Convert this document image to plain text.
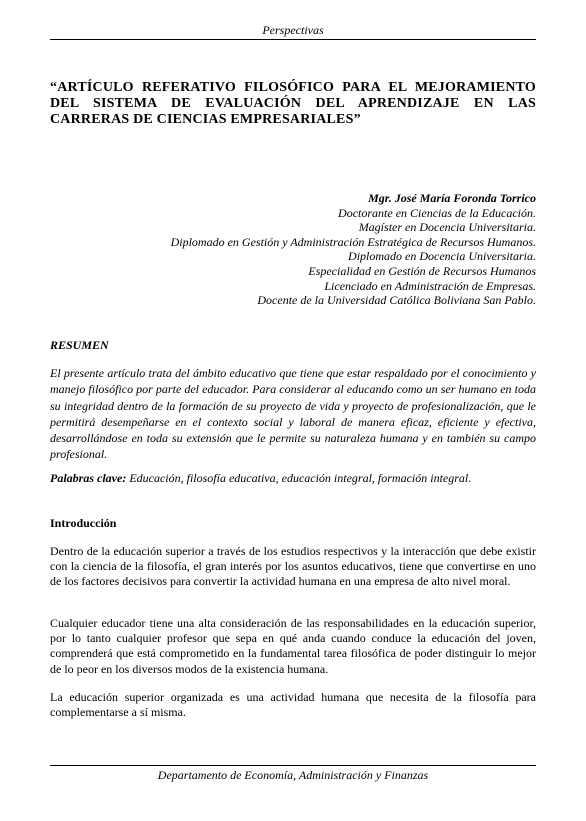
Perspectivas
“ARTÍCULO REFERATIVO FILOSÓFICO PARA EL MEJORAMIENTO DEL SISTEMA DE EVALUACIÓN DEL APRENDIZAJE EN LAS CARRERAS DE CIENCIAS EMPRESARIALES”
Mgr. José María Foronda Torrico
Doctorante en Ciencias de la Educación.
Magíster en Docencia Universitaria.
Diplomado en Gestión y Administración Estratégica de Recursos Humanos.
Diplomado en Docencia Universitaria.
Especialidad en Gestión de Recursos Humanos
Licenciado en Administración de Empresas.
Docente de la Universidad Católica Boliviana San Pablo.
RESUMEN
El presente artículo trata del ámbito educativo que tiene que estar respaldado por el conocimiento y manejo filosófico por parte del educador. Para considerar al educando como un ser humano en toda su integridad dentro de la formación de su proyecto de vida y proyecto de profesionalización, que le permitirá desempeñarse en el contexto social y laboral de manera eficaz, eficiente y efectiva, desarrollándose en toda su extensión que le permite su naturaleza humana y en también su campo profesional.
Palabras clave: Educación, filosofía educativa, educación integral, formación integral.
Introducción
Dentro de la educación superior a través de los estudios respectivos y la interacción que debe existir con la ciencia de la filosofía, el gran interés por los asuntos educativos, tiene que convertirse en uno de los factores decisivos para convertir la actividad humana en una empresa de alto nivel moral.
Cualquier educador tiene una alta consideración de las responsabilidades en la educación superior, por lo tanto cualquier profesor que sepa en qué anda cuando conduce la educación del joven, comprenderá que está comprometido en la fundamental tarea filosófica de poder distinguir lo mejor de lo peor en los diversos modos de la existencia humana.
La educación superior organizada es una actividad humana que necesita de la filosofía para complementarse a sí misma.
Departamento de Economía, Administración y Finanzas
